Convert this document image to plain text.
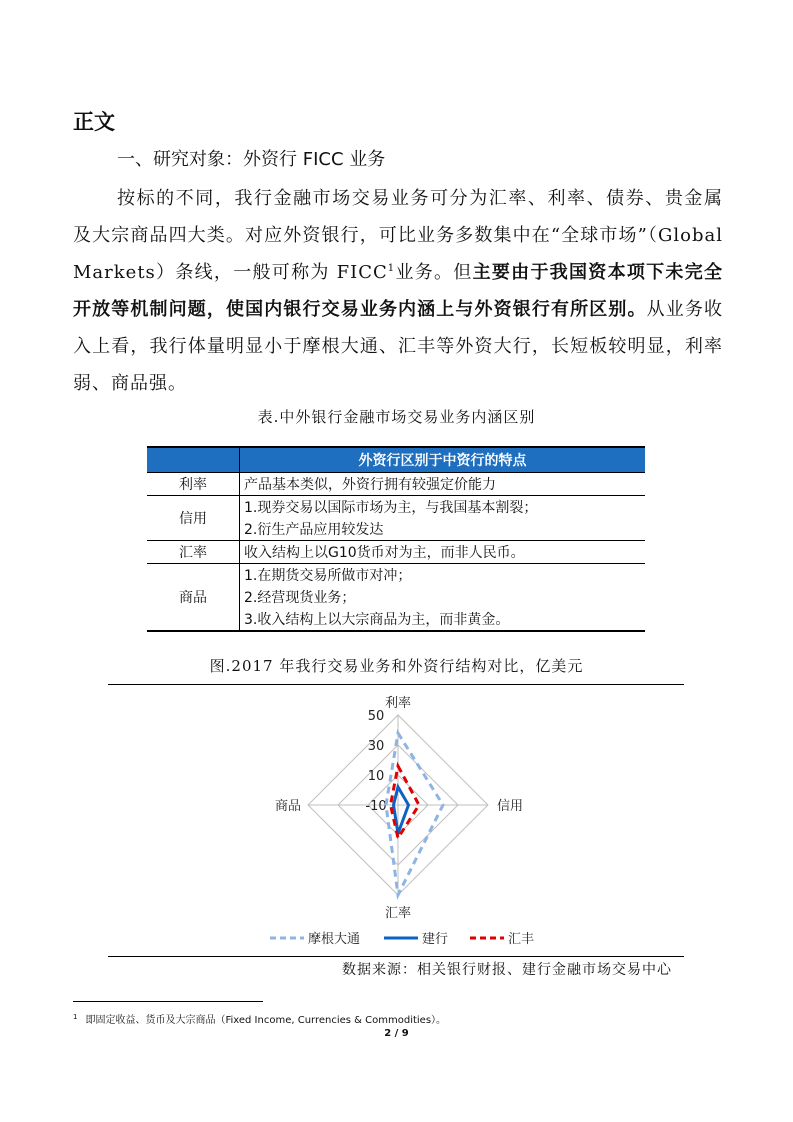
正文
一、研究对象：外资行 FICC 业务
按标的不同，我行金融市场交易业务可分为汇率、利率、债券、贵金属及大宗商品四大类。对应外资银行，可比业务多数集中在“全球市场”（Global Markets）条线，一般可称为 FICC$^1$业务。但主要由于我国资本项下未完全开放等机制问题，使国内银行交易业务内涵上与外资银行有所区别。从业务收入上看，我行体量明显小于摩根大通、汇丰等外资大行，长短板较明显，利率弱、商品强。
表.中外银行金融市场交易业务内涵区别
	外资行区别于中资行的特点
利率	产品基本类似，外资行拥有较强定价能力
信用	1.现券交易以国际市场为主，与我国基本割裂；
	2.衍生产品应用较发达
汇率	收入结构上以G10货币对为主，而非人民币。
商品	1.在期货交易所做市对冲；
	2.经营现货业务；
	3.收入结构上以大宗商品为主，而非黄金。
图.2017 年我行交易业务和外资行结构对比，亿美元
-10
10
30
50
利率
信用
汇率
商品
摩根大通	建行	汇丰
数据来源：相关银行财报、建行金融市场交易中心
$^1$ 即固定收益、货币及大宗商品（Fixed Income, Currencies & Commodities）。
2 / 9
